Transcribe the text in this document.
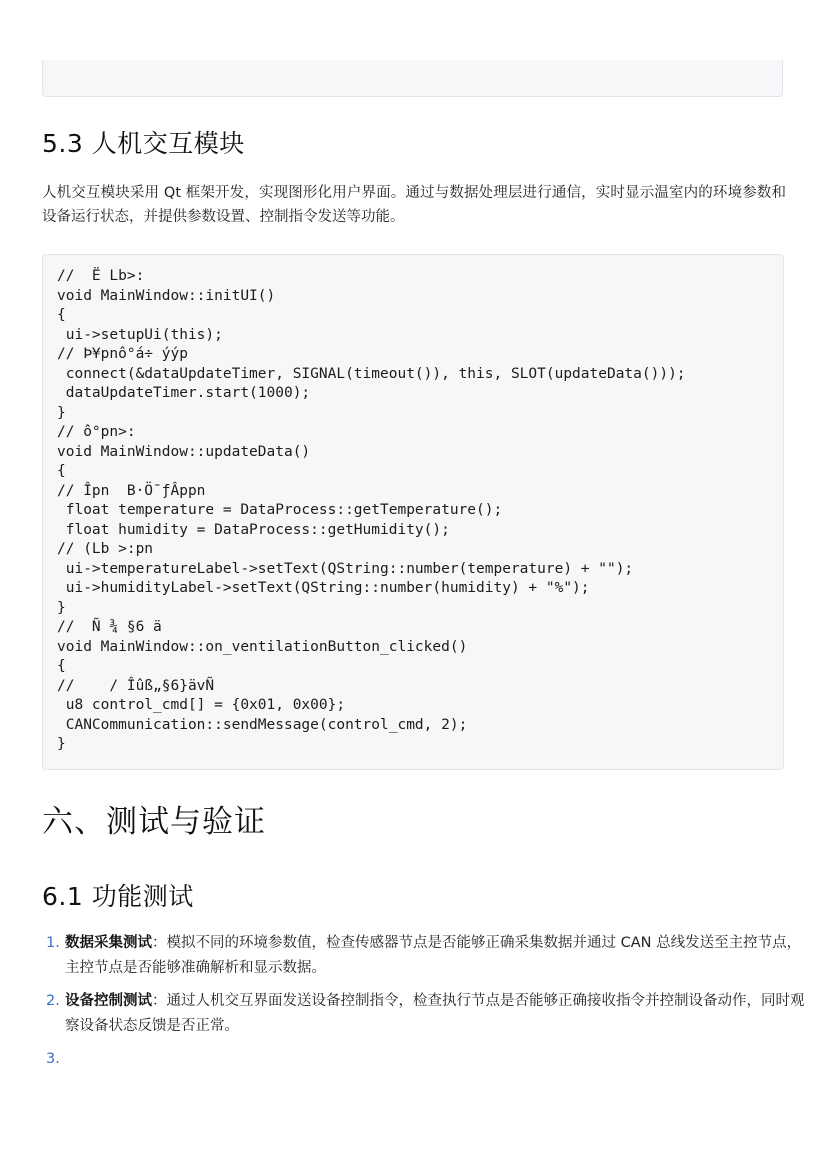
5.3 人机交互模块

人机交互模块采用 Qt 框架开发，实现图形化用户界面。通过与数据处理层进行通信，实时显示温室内的环境参数和设备运行状态，并提供参数设置、控制指令发送等功能。

//  Ë Lb>:
void MainWindow::initUI()
{
ui->setupUi(this);
// Þ¥pnô°á÷ ýýp
connect(&dataUpdateTimer, SIGNAL(timeout()), this, SLOT(updateData()));
dataUpdateTimer.start(1000);
}
// ô°pn>:
void MainWindow::updateData()
{
// Îpn  B·Ö¯ƒÂppn
float temperature = DataProcess::getTemperature();
float humidity = DataProcess::getHumidity();
// (Lb >:pn
ui->temperatureLabel->setText(QString::number(temperature) + "");
ui->humidityLabel->setText(QString::number(humidity) + "%");
}
//  Ñ ¾ §6 ä
void MainWindow::on_ventilationButton_clicked()
{
//    / Îûß„§6}ävÑ
u8 control_cmd[] = {0x01, 0x00};
CANCommunication::sendMessage(control_cmd, 2);
}
六、测试与验证
6.1 功能测试
1. 数据采集测试：模拟不同的环境参数值，检查传感器节点是否能够正确采集数据并通过 CAN 总线发送至主控节点，主控节点是否能够准确解析和显示数据。
2. 设备控制测试：通过人机交互界面发送设备控制指令，检查执行节点是否能够正确接收指令并控制设备动作，同时观察设备状态反馈是否正常。
3.
